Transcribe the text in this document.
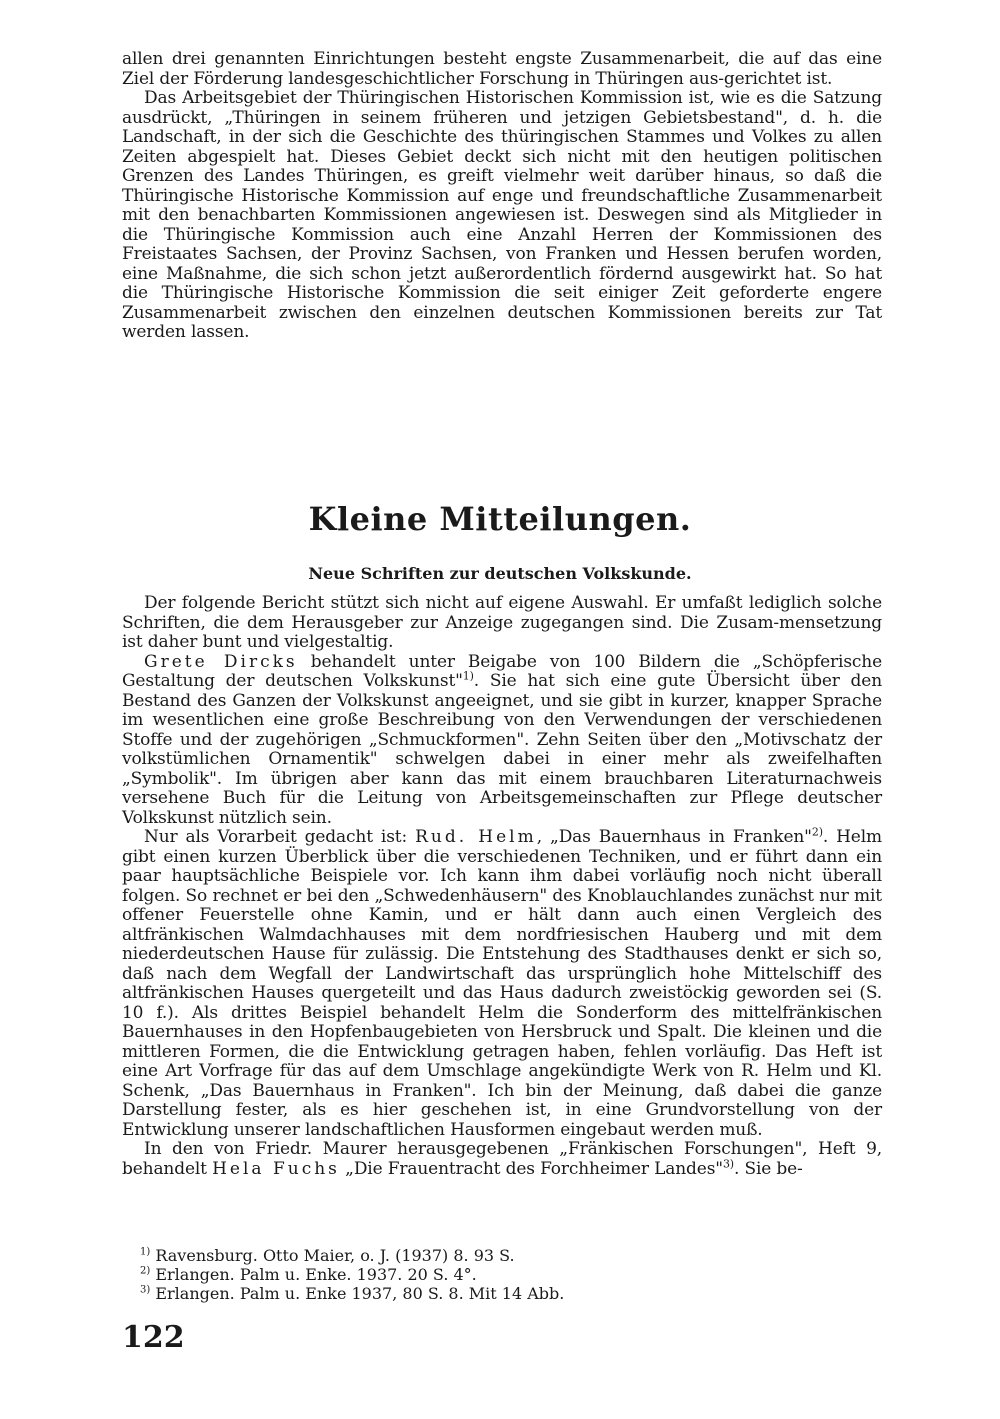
allen drei genannten Einrichtungen besteht engste Zusammenarbeit, die auf das eine Ziel der Förderung landesgeschichtlicher Forschung in Thüringen aus-gerichtet ist.

Das Arbeitsgebiet der Thüringischen Historischen Kommission ist, wie es die Satzung ausdrückt, „Thüringen in seinem früheren und jetzigen Gebietsbestand", d. h. die Landschaft, in der sich die Geschichte des thüringischen Stammes und Volkes zu allen Zeiten abgespielt hat. Dieses Gebiet deckt sich nicht mit den heutigen politischen Grenzen des Landes Thüringen, es greift vielmehr weit darüber hinaus, so daß die Thüringische Historische Kommission auf enge und freundschaftliche Zusammenarbeit mit den benachbarten Kommissionen angewiesen ist. Deswegen sind als Mitglieder in die Thüringische Kommission auch eine Anzahl Herren der Kommissionen des Freistaates Sachsen, der Provinz Sachsen, von Franken und Hessen berufen worden, eine Maßnahme, die sich schon jetzt außerordentlich fördernd ausgewirkt hat. So hat die Thüringische Historische Kommission die seit einiger Zeit geforderte engere Zusammenarbeit zwischen den einzelnen deutschen Kommissionen bereits zur Tat werden lassen.

Kleine Mitteilungen.
Neue Schriften zur deutschen Volkskunde.

Der folgende Bericht stützt sich nicht auf eigene Auswahl. Er umfaßt lediglich solche Schriften, die dem Herausgeber zur Anzeige zugegangen sind. Die Zusam-mensetzung ist daher bunt und vielgestaltig.

Grete Dircks behandelt unter Beigabe von 100 Bildern die „Schöpferische Gestaltung der deutschen Volkskunst"$^{1)}$. Sie hat sich eine gute Übersicht über den Bestand des Ganzen der Volkskunst angeeignet, und sie gibt in kurzer, knapper Sprache im wesentlichen eine große Beschreibung von den Verwendungen der verschiedenen Stoffe und der zugehörigen „Schmuckformen". Zehn Seiten über den „Motivschatz der volkstümlichen Ornamentik" schwelgen dabei in einer mehr als zweifelhaften „Symbolik". Im übrigen aber kann das mit einem brauchbaren Literaturnachweis versehene Buch für die Leitung von Arbeitsgemeinschaften zur Pflege deutscher Volkskunst nützlich sein.

Nur als Vorarbeit gedacht ist: Rud. Helm, „Das Bauernhaus in Franken"$^{2)}$. Helm gibt einen kurzen Überblick über die verschiedenen Techniken, und er führt dann ein paar hauptsächliche Beispiele vor. Ich kann ihm dabei vorläufig noch nicht überall folgen. So rechnet er bei den „Schwedenhäusern" des Knoblauchlandes zunächst nur mit offener Feuerstelle ohne Kamin, und er hält dann auch einen Vergleich des altfränkischen Walmdachhauses mit dem nordfriesischen Hauberg und mit dem niederdeutschen Hause für zulässig. Die Entstehung des Stadthauses denkt er sich so, daß nach dem Wegfall der Landwirtschaft das ursprünglich hohe Mittelschiff des altfränkischen Hauses quergeteilt und das Haus dadurch zweistöckig geworden sei (S. 10 f.). Als drittes Beispiel behandelt Helm die Sonderform des mittelfränkischen Bauernhauses in den Hopfenbaugebieten von Hersbruck und Spalt. Die kleinen und die mittleren Formen, die die Entwicklung getragen haben, fehlen vorläufig. Das Heft ist eine Art Vorfrage für das auf dem Umschlage angekündigte Werk von R. Helm und Kl. Schenk, „Das Bauernhaus in Franken". Ich bin der Meinung, daß dabei die ganze Darstellung fester, als es hier geschehen ist, in eine Grundvorstellung von der Entwicklung unserer landschaftlichen Hausformen eingebaut werden muß.

In den von Friedr. Maurer herausgegebenen „Fränkischen Forschungen", Heft 9, behandelt Hela Fuchs „Die Frauentracht des Forchheimer Landes"$^{3)}$. Sie be-

$^{1)}$ Ravensburg. Otto Maier, o. J. (1937) 8. 93 S.

$^{2)}$ Erlangen. Palm u. Enke. 1937. 20 S. 4°.

$^{3)}$ Erlangen. Palm u. Enke 1937, 80 S. 8. Mit 14 Abb.

122
